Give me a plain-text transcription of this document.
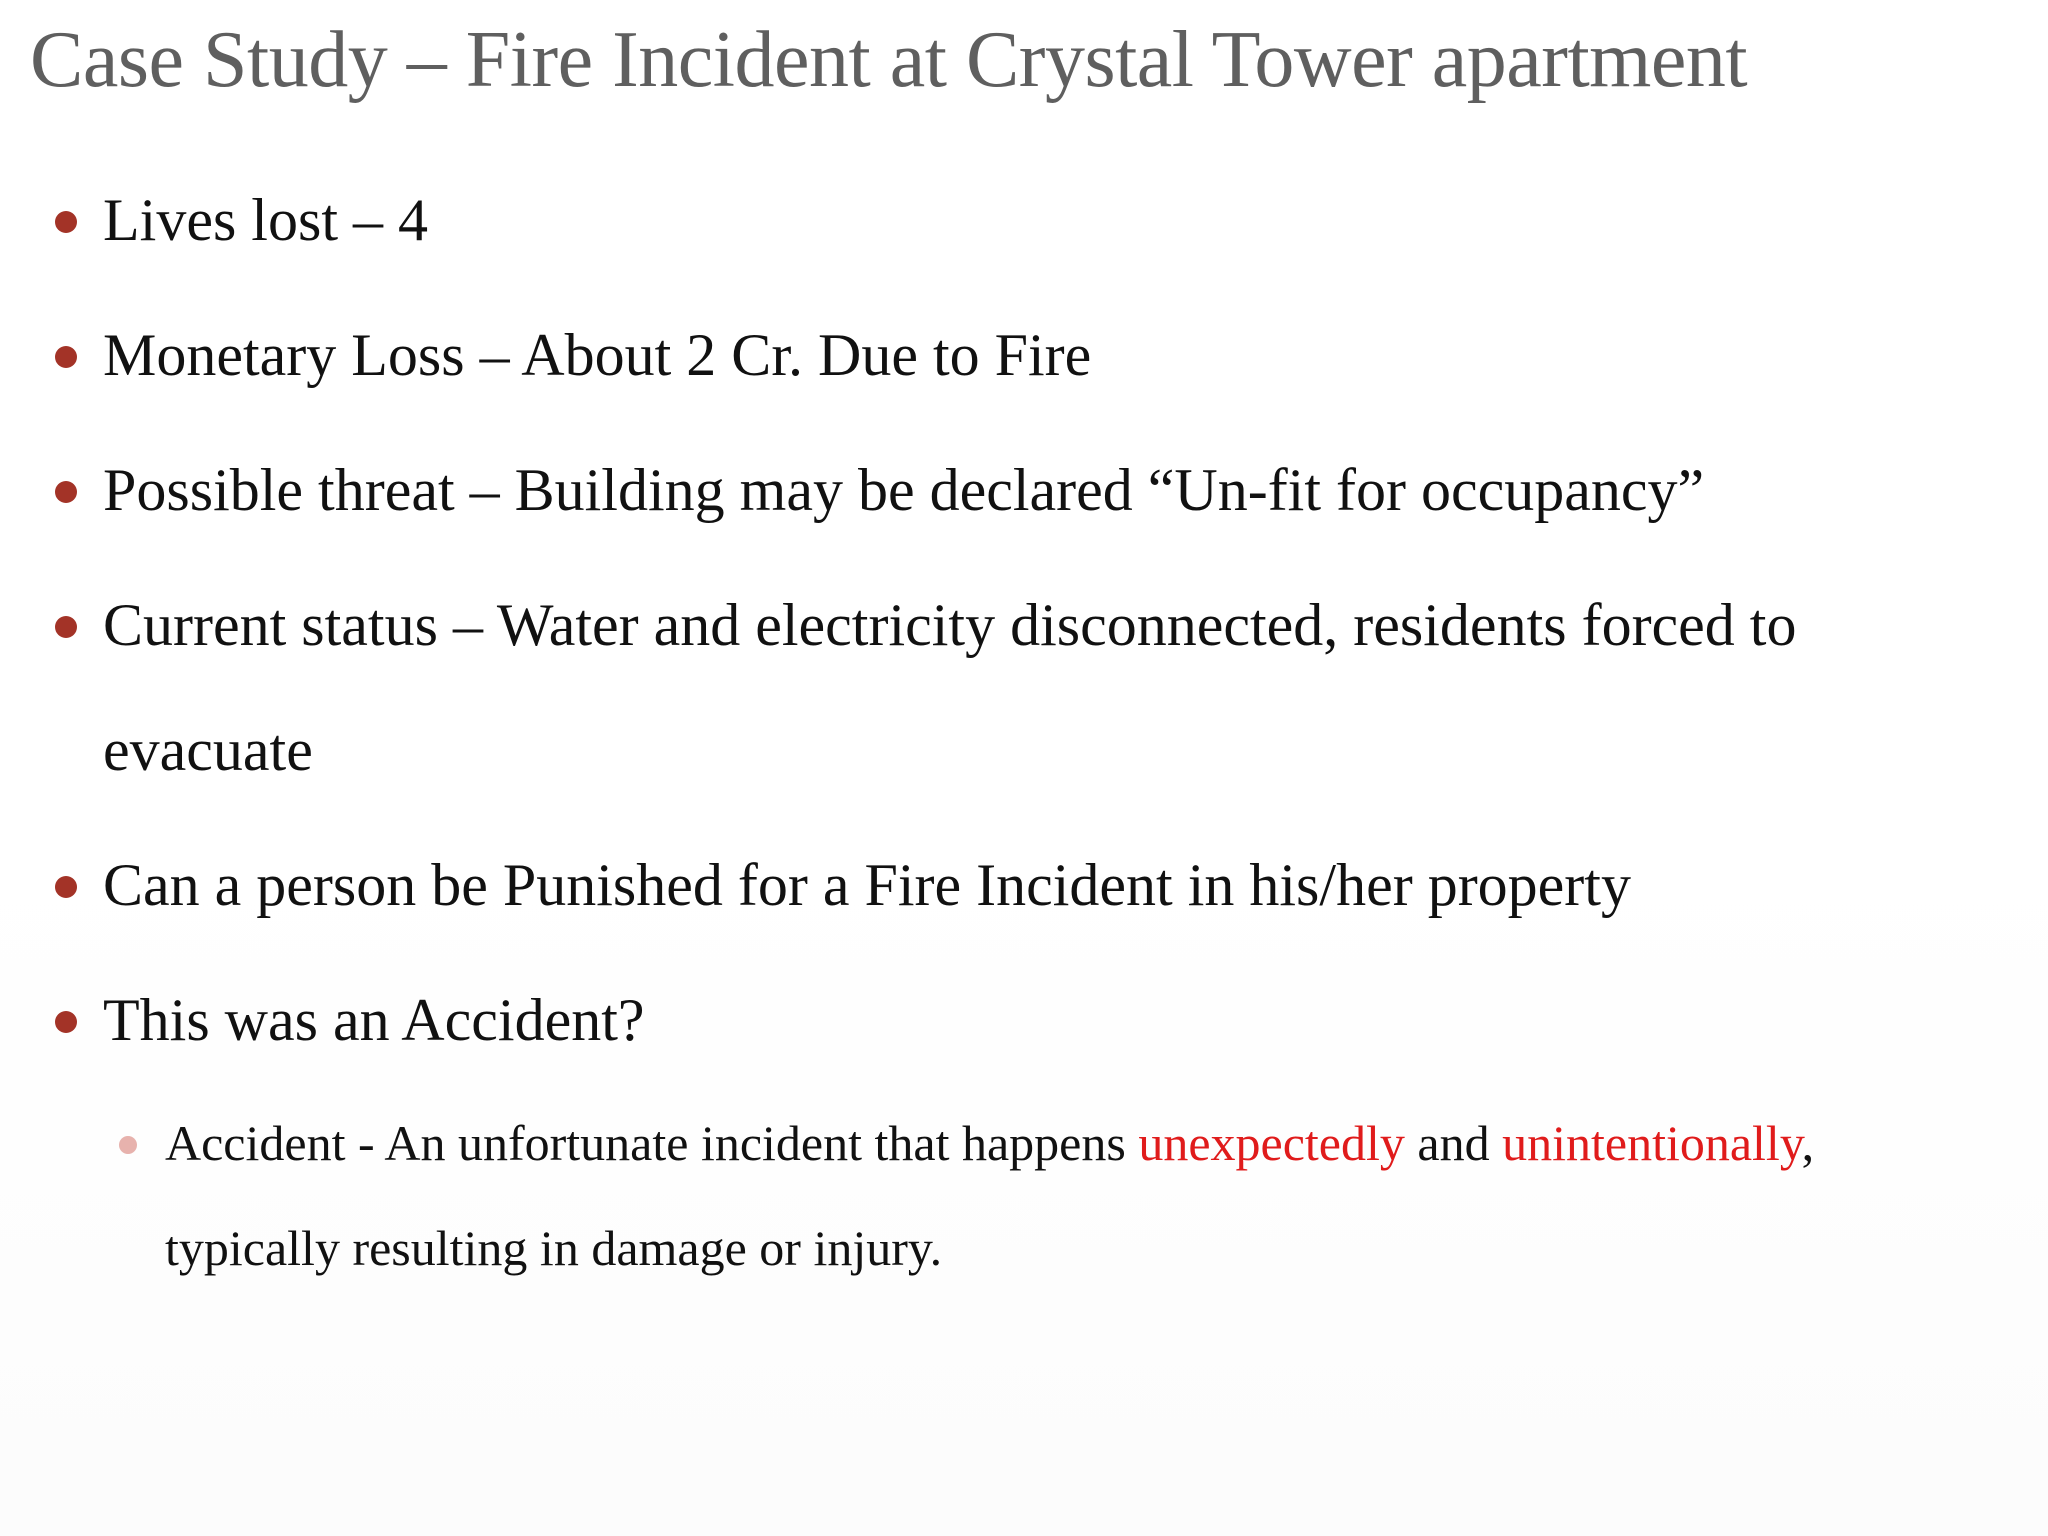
Case Study – Fire Incident at Crystal Tower apartment
Lives lost – 4
Monetary Loss – About 2 Cr. Due to Fire
Possible threat – Building may be declared “Un-fit for occupancy”
Current status – Water and electricity disconnected, residents forced to
evacuate
Can a person be Punished for a Fire Incident in his/her property
This was an Accident?
Accident - An unfortunate incident that happens unexpectedly and unintentionally,
typically resulting in damage or injury.
